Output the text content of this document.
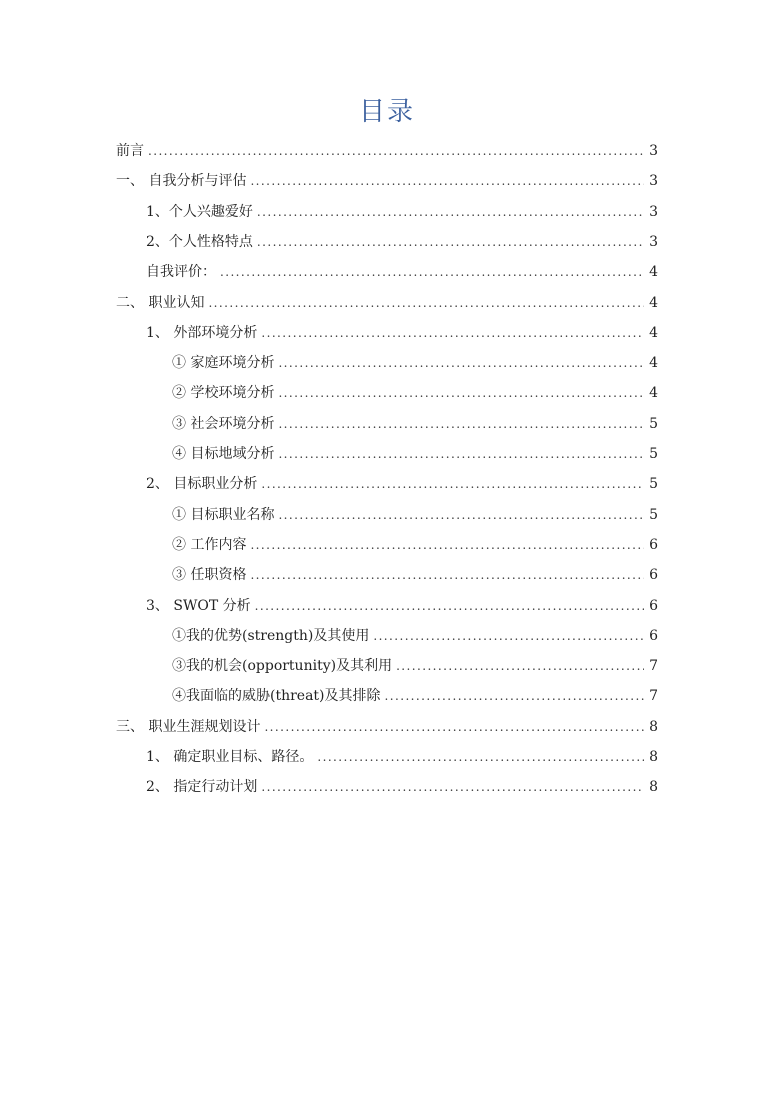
目录
前言 . . .	3
一、 自我分析与评估 . . .	3
1、个人兴趣爱好 . . .	3
2、个人性格特点 . . .	3
自我评价： . . .	4
二、 职业认知 . . .	4
1、 外部环境分析 . . .	4
① 家庭环境分析 . . .	4
② 学校环境分析 . . .	4
③ 社会环境分析 . . .	5
④ 目标地域分析 . . .	5
2、 目标职业分析 . . .	5
① 目标职业名称 . . .	5
② 工作内容 . . .	6
③ 任职资格 . . .	6
3、 SWOT 分析 . . .	6
①我的优势(strength)及其使用 . . .	6
③我的机会(opportunity)及其利用 . . .	7
④我面临的威胁(threat)及其排除 . . .	7
三、 职业生涯规划设计 . . .	8
1、 确定职业目标、路径。 . . .	8
2、 指定行动计划 . . .	8
